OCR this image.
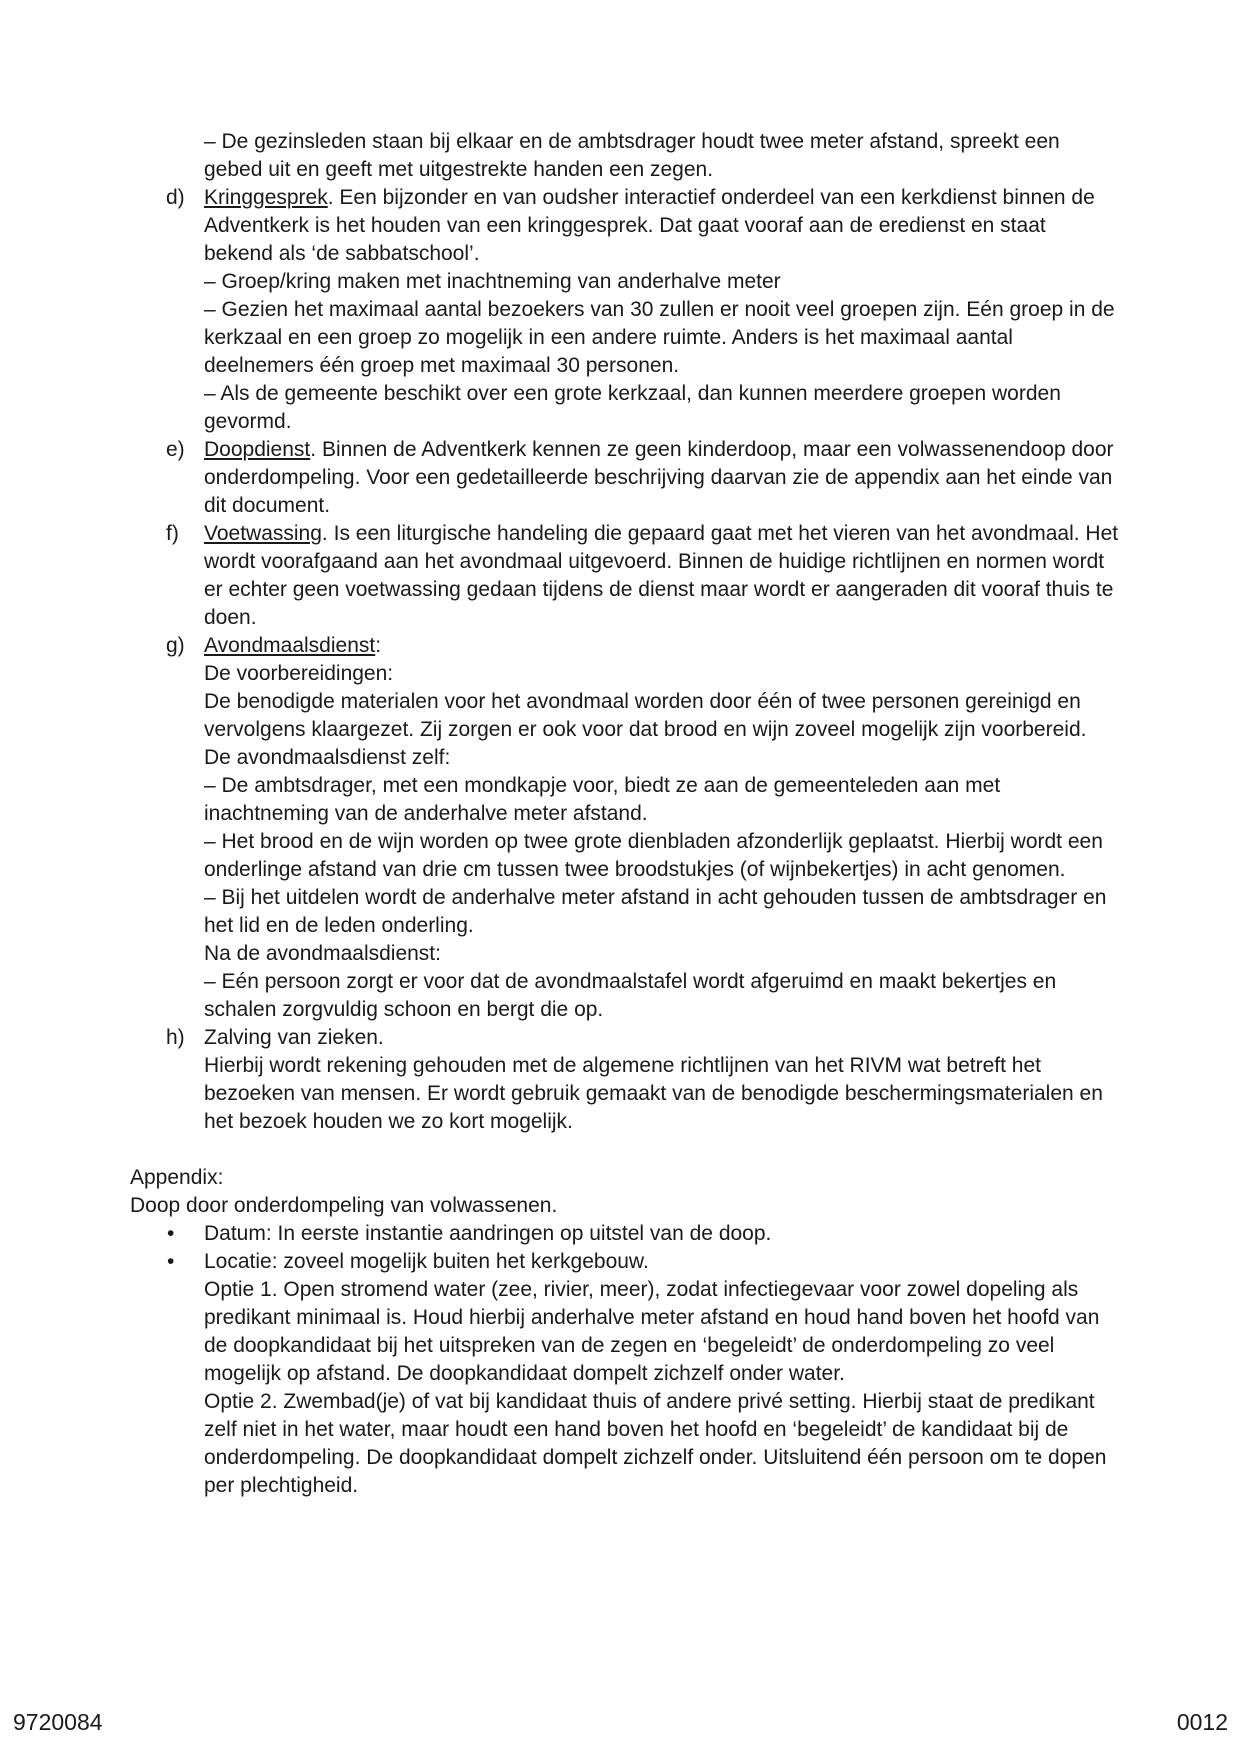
– De gezinsleden staan bij elkaar en de ambtsdrager houdt twee meter afstand, spreekt een gebed uit en geeft met uitgestrekte handen een zegen.
d) Kringgesprek. Een bijzonder en van oudsher interactief onderdeel van een kerkdienst binnen de Adventkerk is het houden van een kringgesprek. Dat gaat vooraf aan de eredienst en staat bekend als ‘de sabbatschool’.
– Groep/kring maken met inachtneming van anderhalve meter
– Gezien het maximaal aantal bezoekers van 30 zullen er nooit veel groepen zijn. Eén groep in de kerkzaal en een groep zo mogelijk in een andere ruimte. Anders is het maximaal aantal deelnemers één groep met maximaal 30 personen.
– Als de gemeente beschikt over een grote kerkzaal, dan kunnen meerdere groepen worden gevormd.
e) Doopdienst. Binnen de Adventkerk kennen ze geen kinderdoop, maar een volwassenendoop door onderdompeling. Voor een gedetailleerde beschrijving daarvan zie de appendix aan het einde van dit document.
f)	Voetwassing. Is een liturgische handeling die gepaard gaat met het vieren van het avondmaal. Het wordt voorafgaand aan het avondmaal uitgevoerd. Binnen de huidige richtlijnen en normen wordt er echter geen voetwassing gedaan tijdens de dienst maar wordt er aangeraden dit vooraf thuis te doen.
g) Avondmaalsdienst:
De voorbereidingen:
De benodigde materialen voor het avondmaal worden door één of twee personen gereinigd en vervolgens klaargezet. Zij zorgen er ook voor dat brood en wijn zoveel mogelijk zijn voorbereid.
De avondmaalsdienst zelf:
– De ambtsdrager, met een mondkapje voor, biedt ze aan de gemeenteleden aan met inachtneming van de anderhalve meter afstand.
– Het brood en de wijn worden op twee grote dienbladen afzonderlijk geplaatst. Hierbij wordt een onderlinge afstand van drie cm tussen twee broodstukjes (of wijnbekertjes) in acht genomen.
– Bij het uitdelen wordt de anderhalve meter afstand in acht gehouden tussen de ambtsdrager en het lid en de leden onderling.
Na de avondmaalsdienst:
– Eén persoon zorgt er voor dat de avondmaalstafel wordt afgeruimd en maakt bekertjes en schalen zorgvuldig schoon en bergt die op.
h) Zalving van zieken.
Hierbij wordt rekening gehouden met de algemene richtlijnen van het RIVM wat betreft het bezoeken van mensen. Er wordt gebruik gemaakt van de benodigde beschermingsmaterialen en het bezoek houden we zo kort mogelijk.
Appendix:
Doop door onderdompeling van volwassenen.
• Datum: In eerste instantie aandringen op uitstel van de doop.
• Locatie: zoveel mogelijk buiten het kerkgebouw.
Optie 1. Open stromend water (zee, rivier, meer), zodat infectiegevaar voor zowel dopeling als predikant minimaal is. Houd hierbij anderhalve meter afstand en houd hand boven het hoofd van de doopkandidaat bij het uitspreken van de zegen en ‘begeleidt’ de onderdompeling zo veel mogelijk op afstand. De doopkandidaat dompelt zichzelf onder water.
Optie 2. Zwembad(je) of vat bij kandidaat thuis of andere privé setting. Hierbij staat de predikant zelf niet in het water, maar houdt een hand boven het hoofd en ‘begeleidt’ de kandidaat bij de onderdompeling. De doopkandidaat dompelt zichzelf onder. Uitsluitend één persoon om te dopen per plechtigheid.
9720084	0012
